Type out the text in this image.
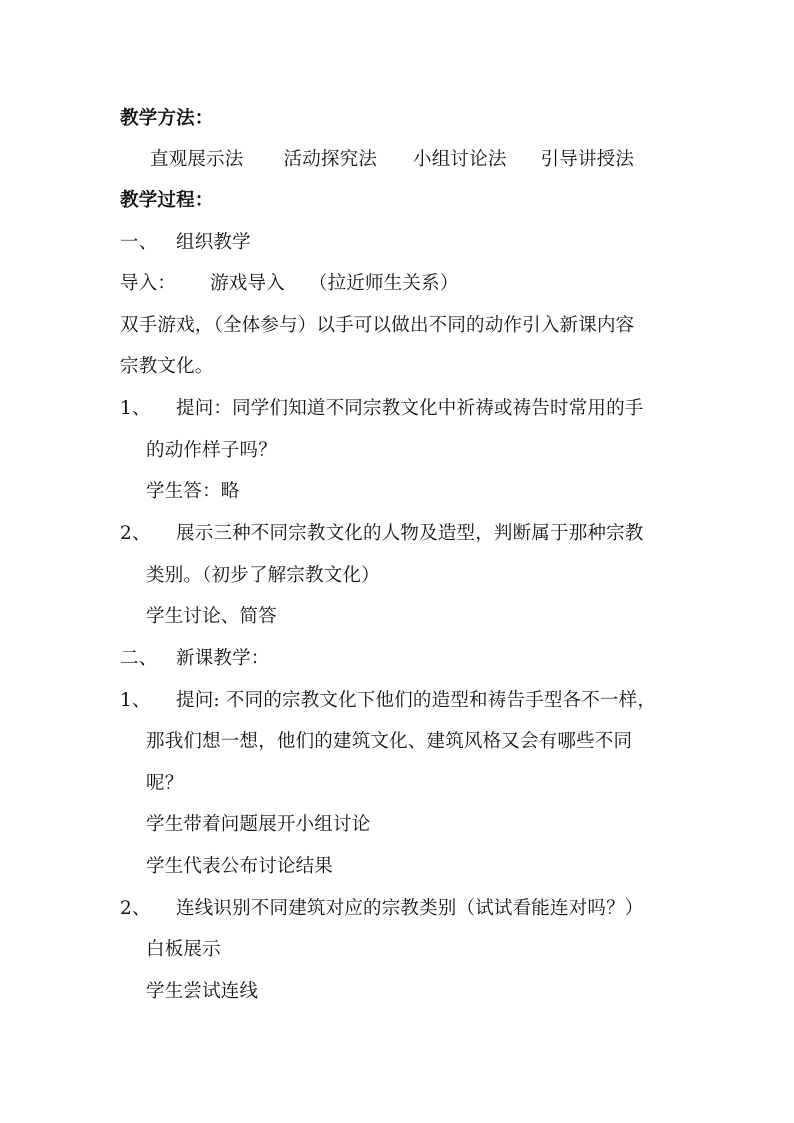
教学方法：
直观展示法 活动探究法 小组讨论法 引导讲授法
教学过程：
一、 组织教学
导入： 游戏导入 （拉近师生关系）
双手游戏，（全体参与）以手可以做出不同的动作引入新课内容
宗教文化。
1、 提问：同学们知道不同宗教文化中祈祷或祷告时常用的手
的动作样子吗？
学生答：略
2、 展示三种不同宗教文化的人物及造型，判断属于那种宗教
类别。（初步了解宗教文化）
学生讨论、简答
二、 新课教学：
1、 提问: 不同的宗教文化下他们的造型和祷告手型各不一样，
那我们想一想，他们的建筑文化、建筑风格又会有哪些不同
呢？
学生带着问题展开小组讨论
学生代表公布讨论结果
2、 连线识别不同建筑对应的宗教类别（试试看能连对吗？）
白板展示
学生尝试连线
